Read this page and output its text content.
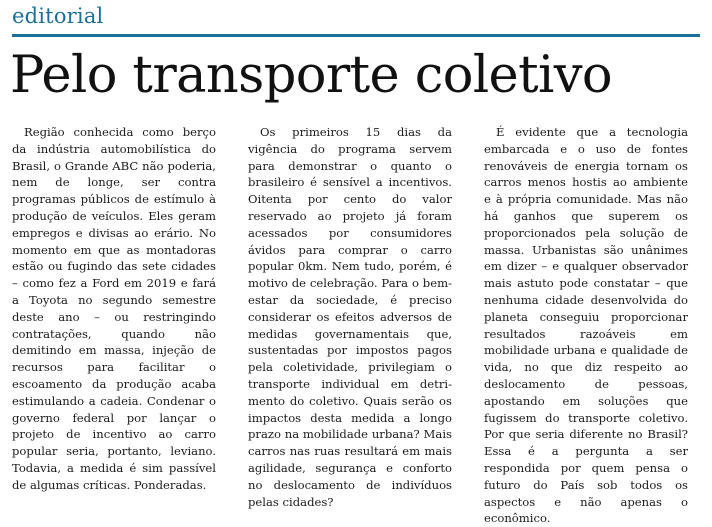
editorial
Pelo transporte coletivo

Região conhecida como berço da indústria automobilística do Brasil, o Grande ABC não poderia, nem de longe, ser contra programas públicos de estímulo à produção de veículos. Eles geram empregos e divisas ao erário. No momento em que as montadoras estão ou fugindo das sete cidades – como fez a Ford em 2019 e fará a Toyota no segundo semestre deste ano – ou restringindo contratações, quando não demitindo em massa, injeção de recursos para facilitar o escoamento da produção acaba estimulando a cadeia. Condenar o governo federal por lançar o projeto de incentivo ao carro popular seria, portanto, leviano. Todavia, a medida é sim passível de algumas críticas. Ponderadas.

Os primeiros 15 dias da vigência do programa servem para demonstrar o quanto o brasileiro é sensível a incentivos. Oitenta por cento do valor reservado ao projeto já foram acessados por consumidores ávidos para comprar o carro popular 0km. Nem tudo, porém, é motivo de celebração. Para o bem-estar da sociedade, é preciso considerar os efeitos adversos de medidas governamentais que, sustentadas por impostos pagos pela coletividade, privilegiam o transporte individual em detrimento do coletivo. Quais serão os impactos desta medida a longo prazo na mobilidade urbana? Mais carros nas ruas resultará em mais agilidade, segurança e conforto no deslocamento de indivíduos pelas cidades?

É evidente que a tecnologia embarcada e o uso de fontes renováveis de energia tornam os carros menos hostis ao ambiente e à própria comunidade. Mas não há ganhos que superem os proporcionados pela solução de massa. Urbanistas são unânimes em dizer – e qualquer observador mais astuto pode constatar – que nenhuma cidade desenvolvida do planeta conseguiu proporcionar resultados razoáveis em mobilidade urbana e qualidade de vida, no que diz respeito ao deslocamento de pessoas, apostando em soluções que fugissem do transporte coletivo. Por que seria diferente no Brasil? Essa é a pergunta a ser respondida por quem pensa o futuro do País sob todos os aspectos e não apenas o econômico.
